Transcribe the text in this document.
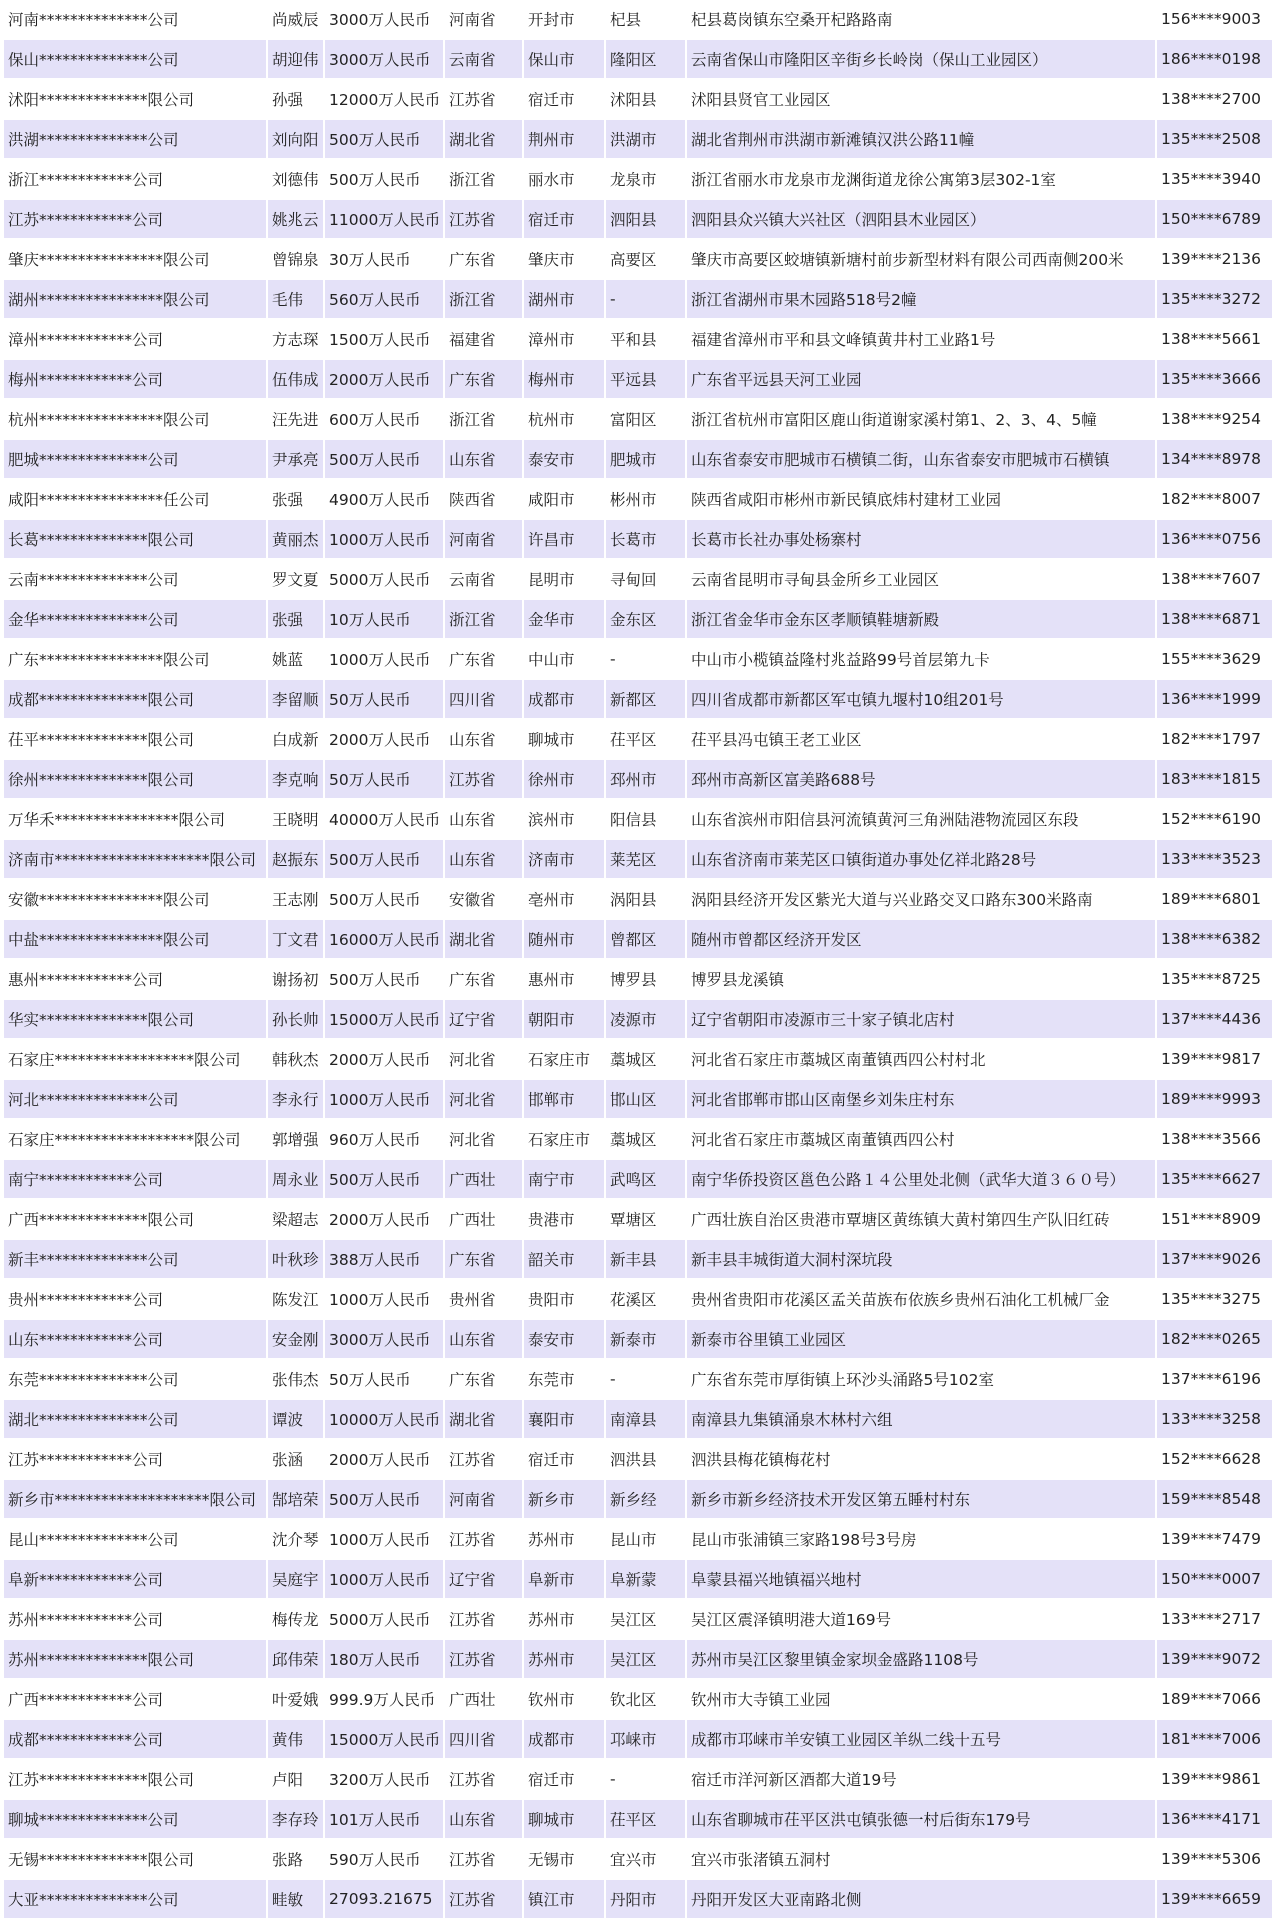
河南**************公司	尚威辰	3000万人民币	河南省	开封市	杞县	杞县葛岗镇东空桑开杞路路南	156****9003
保山**************公司	胡迎伟	3000万人民币	云南省	保山市	隆阳区	云南省保山市隆阳区辛街乡长岭岗（保山工业园区）	186****0198
沭阳**************限公司	孙强	12000万人民币	江苏省	宿迁市	沭阳县	沭阳县贤官工业园区	138****2700
洪湖**************公司	刘向阳	500万人民币	湖北省	荆州市	洪湖市	湖北省荆州市洪湖市新滩镇汉洪公路11幢	135****2508
浙江************公司	刘德伟	500万人民币	浙江省	丽水市	龙泉市	浙江省丽水市龙泉市龙渊街道龙徐公寓第3层302-1室	135****3940
江苏************公司	姚兆云	11000万人民币	江苏省	宿迁市	泗阳县	泗阳县众兴镇大兴社区（泗阳县木业园区）	150****6789
肇庆****************限公司	曾锦泉	30万人民币	广东省	肇庆市	高要区	肇庆市高要区蛟塘镇新塘村前步新型材料有限公司西南侧200米	139****2136
湖州****************限公司	毛伟	560万人民币	浙江省	湖州市	-	浙江省湖州市果木园路518号2幢	135****3272
漳州************公司	方志琛	1500万人民币	福建省	漳州市	平和县	福建省漳州市平和县文峰镇黄井村工业路1号	138****5661
梅州************公司	伍伟成	2000万人民币	广东省	梅州市	平远县	广东省平远县天河工业园	135****3666
杭州****************限公司	汪先进	600万人民币	浙江省	杭州市	富阳区	浙江省杭州市富阳区鹿山街道谢家溪村第1、2、3、4、5幢	138****9254
肥城**************公司	尹承亮	500万人民币	山东省	泰安市	肥城市	山东省泰安市肥城市石横镇二街，山东省泰安市肥城市石横镇	134****8978
咸阳****************任公司	张强	4900万人民币	陕西省	咸阳市	彬州市	陕西省咸阳市彬州市新民镇底炜村建材工业园	182****8007
长葛**************限公司	黄丽杰	1000万人民币	河南省	许昌市	长葛市	长葛市长社办事处杨寨村	136****0756
云南**************公司	罗文夏	5000万人民币	云南省	昆明市	寻甸回	云南省昆明市寻甸县金所乡工业园区	138****7607
金华**************公司	张强	10万人民币	浙江省	金华市	金东区	浙江省金华市金东区孝顺镇鞋塘新殿	138****6871
广东****************限公司	姚蓝	1000万人民币	广东省	中山市	-	中山市小榄镇益隆村兆益路99号首层第九卡	155****3629
成都**************限公司	李留顺	50万人民币	四川省	成都市	新都区	四川省成都市新都区军屯镇九堰村10组201号	136****1999
茌平**************限公司	白成新	2000万人民币	山东省	聊城市	茌平区	茌平县冯屯镇王老工业区	182****1797
徐州**************限公司	李克响	50万人民币	江苏省	徐州市	邳州市	邳州市高新区富美路688号	183****1815
万华禾****************限公司	王晓明	40000万人民币	山东省	滨州市	阳信县	山东省滨州市阳信县河流镇黄河三角洲陆港物流园区东段	152****6190
济南市********************限公司	赵振东	500万人民币	山东省	济南市	莱芜区	山东省济南市莱芜区口镇街道办事处亿祥北路28号	133****3523
安徽****************限公司	王志刚	500万人民币	安徽省	亳州市	涡阳县	涡阳县经济开发区紫光大道与兴业路交叉口路东300米路南	189****6801
中盐****************限公司	丁文君	16000万人民币	湖北省	随州市	曾都区	随州市曾都区经济开发区	138****6382
惠州************公司	谢扬初	500万人民币	广东省	惠州市	博罗县	博罗县龙溪镇	135****8725
华实**************限公司	孙长帅	15000万人民币	辽宁省	朝阳市	凌源市	辽宁省朝阳市凌源市三十家子镇北店村	137****4436
石家庄******************限公司	韩秋杰	2000万人民币	河北省	石家庄市	藁城区	河北省石家庄市藁城区南董镇西四公村村北	139****9817
河北**************公司	李永行	1000万人民币	河北省	邯郸市	邯山区	河北省邯郸市邯山区南堡乡刘朱庄村东	189****9993
石家庄******************限公司	郭增强	960万人民币	河北省	石家庄市	藁城区	河北省石家庄市藁城区南董镇西四公村	138****3566
南宁************公司	周永业	500万人民币	广西壮	南宁市	武鸣区	南宁华侨投资区邕色公路１４公里处北侧（武华大道３６０号）	135****6627
广西**************限公司	梁超志	2000万人民币	广西壮	贵港市	覃塘区	广西壮族自治区贵港市覃塘区黄练镇大黄村第四生产队旧红砖	151****8909
新丰**************公司	叶秋珍	388万人民币	广东省	韶关市	新丰县	新丰县丰城街道大洞村深坑段	137****9026
贵州************公司	陈发江	1000万人民币	贵州省	贵阳市	花溪区	贵州省贵阳市花溪区孟关苗族布依族乡贵州石油化工机械厂金	135****3275
山东************公司	安金刚	3000万人民币	山东省	泰安市	新泰市	新泰市谷里镇工业园区	182****0265
东莞**************公司	张伟杰	50万人民币	广东省	东莞市	-	广东省东莞市厚街镇上环沙头涌路5号102室	137****6196
湖北**************公司	谭波	10000万人民币	湖北省	襄阳市	南漳县	南漳县九集镇涌泉木林村六组	133****3258
江苏************公司	张涵	2000万人民币	江苏省	宿迁市	泗洪县	泗洪县梅花镇梅花村	152****6628
新乡市********************限公司	郜培荣	500万人民币	河南省	新乡市	新乡经	新乡市新乡经济技术开发区第五睡村村东	159****8548
昆山**************公司	沈介琴	1000万人民币	江苏省	苏州市	昆山市	昆山市张浦镇三家路198号3号房	139****7479
阜新************公司	吴庭宇	1000万人民币	辽宁省	阜新市	阜新蒙	阜蒙县福兴地镇福兴地村	150****0007
苏州************公司	梅传龙	5000万人民币	江苏省	苏州市	吴江区	吴江区震泽镇明港大道169号	133****2717
苏州**************限公司	邱伟荣	180万人民币	江苏省	苏州市	吴江区	苏州市吴江区黎里镇金家坝金盛路1108号	139****9072
广西************公司	叶爱娥	999.9万人民币	广西壮	钦州市	钦北区	钦州市大寺镇工业园	189****7066
成都************公司	黄伟	15000万人民币	四川省	成都市	邛崃市	成都市邛崃市羊安镇工业园区羊纵二线十五号	181****7006
江苏**************限公司	卢阳	3200万人民币	江苏省	宿迁市	-	宿迁市洋河新区酒都大道19号	139****9861
聊城**************公司	李存玲	101万人民币	山东省	聊城市	茌平区	山东省聊城市茌平区洪屯镇张德一村后街东179号	136****4171
无锡**************限公司	张路	590万人民币	江苏省	无锡市	宜兴市	宜兴市张渚镇五洞村	139****5306
大亚**************公司	畦敏	27093.21675	江苏省	镇江市	丹阳市	丹阳开发区大亚南路北侧	139****6659
